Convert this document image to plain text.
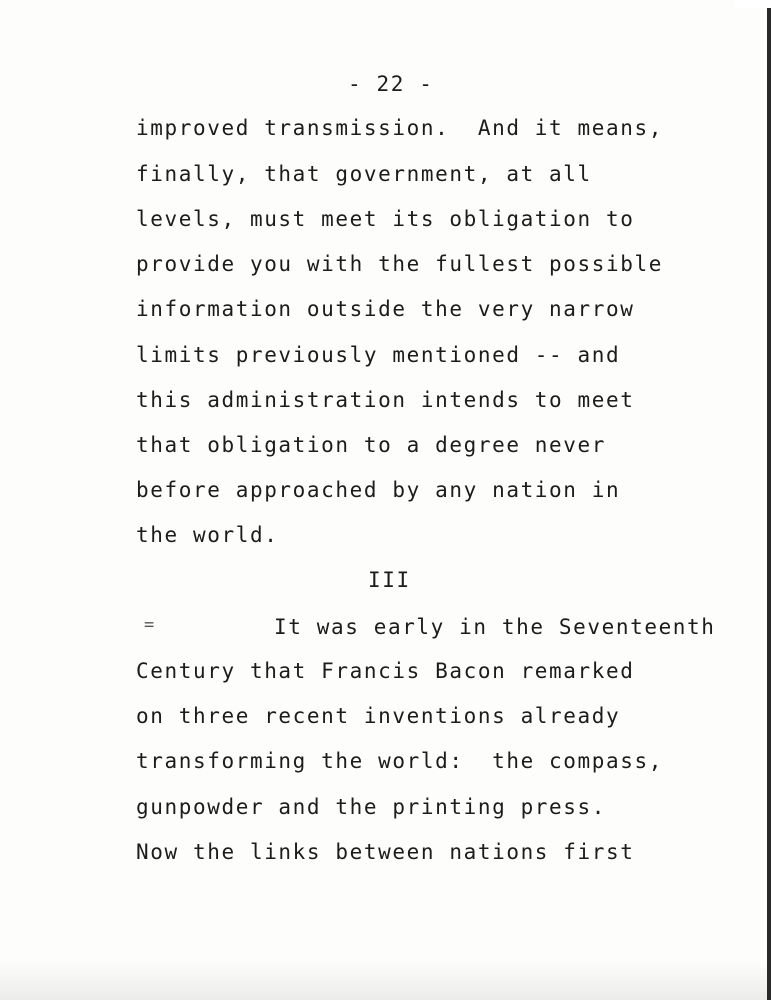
- 22 -

improved transmission.  And it means,

finally, that government, at all

levels, must meet its obligation to

provide you with the fullest possible

information outside the very narrow

limits previously mentioned -- and

this administration intends to meet

that obligation to a degree never

before approached by any nation in

the world.

III

=	It was early in the Seventeenth

Century that Francis Bacon remarked

on three recent inventions already

transforming the world:  the compass,

gunpowder and the printing press.

Now the links between nations first
